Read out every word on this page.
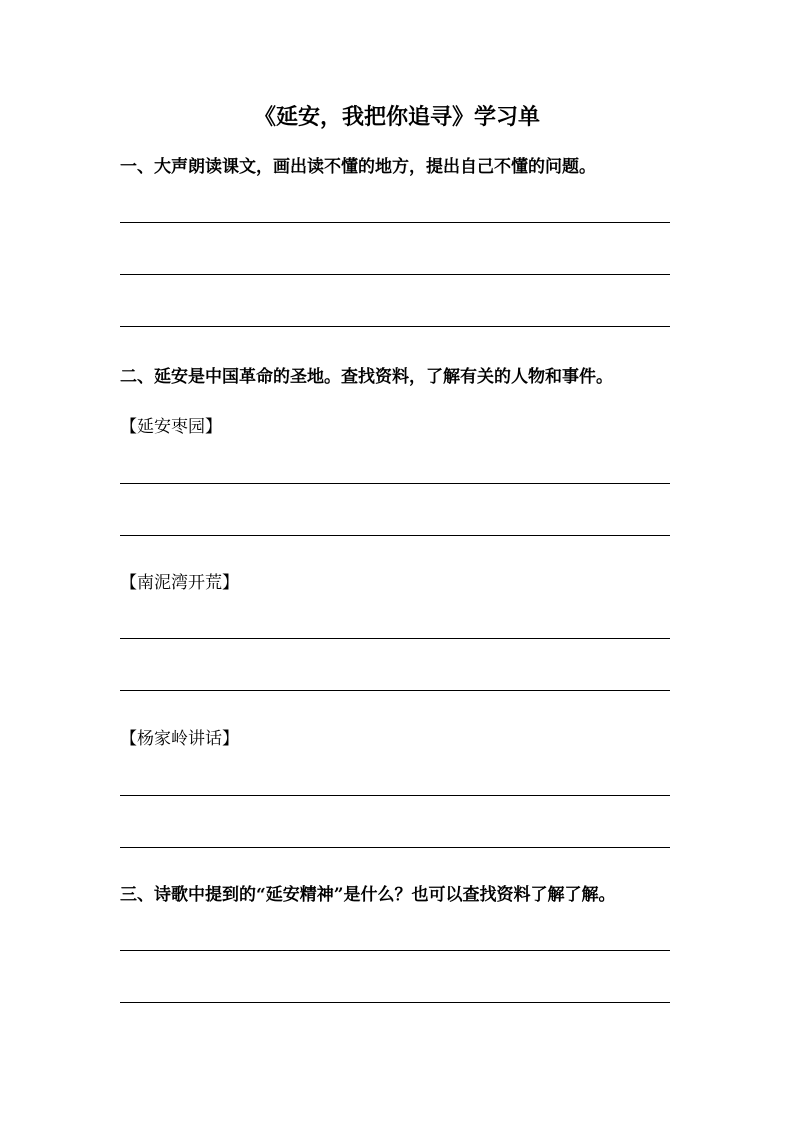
《延安，我把你追寻》学习单
一、大声朗读课文，画出读不懂的地方，提出自己不懂的问题。
二、延安是中国革命的圣地。查找资料，了解有关的人物和事件。
【延安枣园】
【南泥湾开荒】
【杨家岭讲话】
三、诗歌中提到的“延安精神”是什么？也可以查找资料了解了解。
